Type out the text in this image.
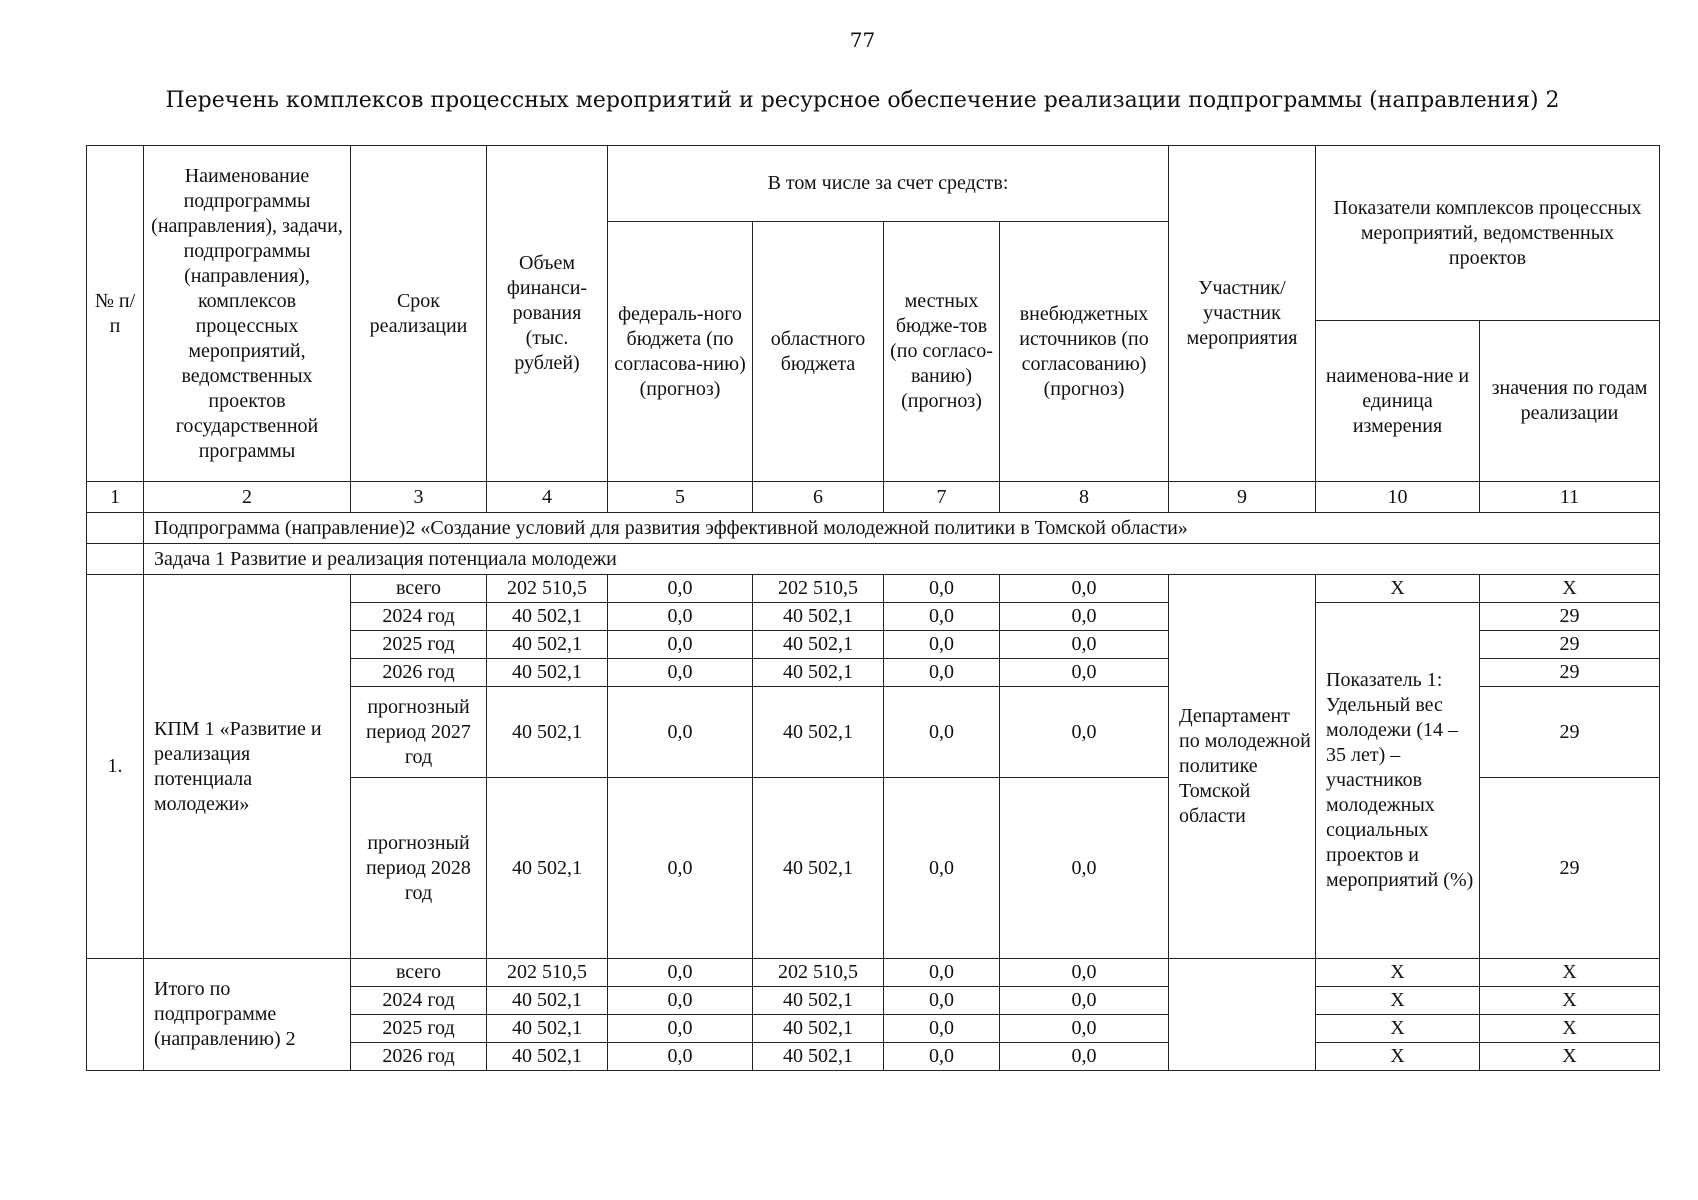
77
Перечень комплексов процессных мероприятий и ресурсное обеспечение реализации подпрограммы (направления) 2
№ п/п	Наименование подпрограммы (направления), задачи, подпрограммы (направления), комплексов процессных мероприятий, ведомственных проектов государственной программы	Срок реализации	Объем финанси-рования (тыс. рублей)	В том числе за счет средств:				Участник/ участник мероприятия	Показатели комплексов процессных мероприятий, ведомственных проектов	
				федераль-ного бюджета (по согласова-нию) (прогноз)	областного бюджета	местных бюдже-тов (по согласо-ванию) (прогноз)	внебюджетных источников (по согласованию) (прогноз)			
									наименова-ние и единица измерения	значения по годам реализации
1	2	3	4	5	6	7	8	9	10	11
	Подпрограмма (направление)2 «Создание условий для развития эффективной молодежной политики в Томской области»									
	Задача 1 Развитие и реализация потенциала молодежи									
1.	КПМ 1 «Развитие и реализация потенциала молодежи»	всего	202 510,5	0,0	202 510,5	0,0	0,0	Департамент по молодежной политике Томской области	Х	Х
		2024 год	40 502,1	0,0	40 502,1	0,0	0,0		Показатель 1: Удельный вес молодежи (14 – 35 лет) – участников молодежных социальных проектов и мероприятий (%)	29
		2025 год	40 502,1	0,0	40 502,1	0,0	0,0			29
		2026 год	40 502,1	0,0	40 502,1	0,0	0,0			29
		прогнозный период 2027 год	40 502,1	0,0	40 502,1	0,0	0,0			29
		прогнозный период 2028 год	40 502,1	0,0	40 502,1	0,0	0,0			29
	Итого по подпрограмме (направлению) 2	всего	202 510,5	0,0	202 510,5	0,0	0,0		Х	Х
		2024 год	40 502,1	0,0	40 502,1	0,0	0,0		Х	Х
		2025 год	40 502,1	0,0	40 502,1	0,0	0,0		Х	Х
		2026 год	40 502,1	0,0	40 502,1	0,0	0,0		Х	Х
